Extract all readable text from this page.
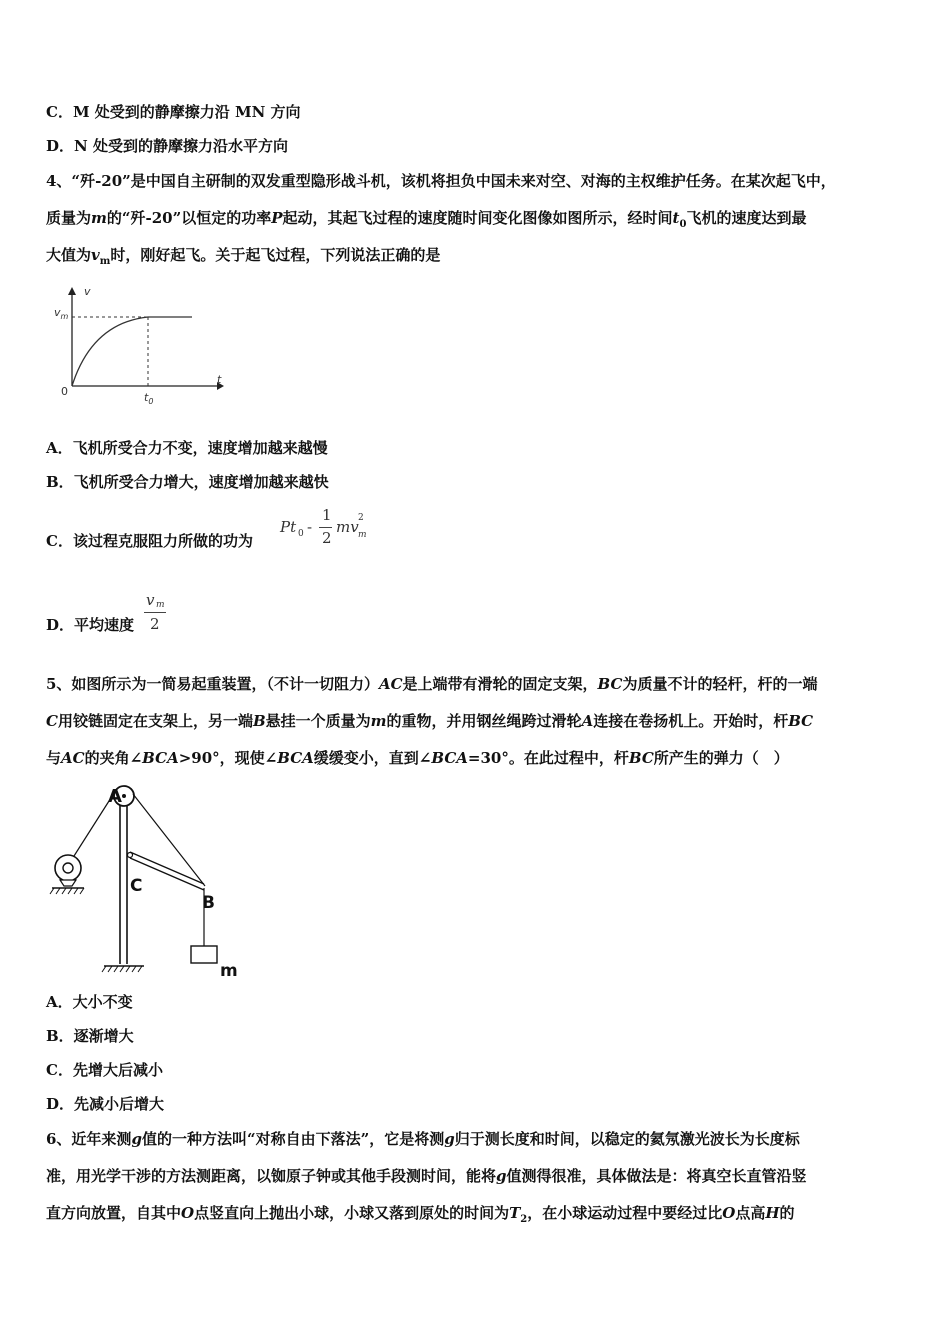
C．M 处受到的静摩擦力沿 MN 方向
D．N 处受到的静摩擦力沿水平方向
4、“歼-20”是中国自主研制的双发重型隐形战斗机，该机将担负中国未来对空、对海的主权维护任务。在某次起飞中，
质量为m的“歼-20”以恒定的功率P起动，其起飞过程的速度随时间变化图像如图所示，经时间$t_0$飞机的速度达到最
大值为$v_m$时，刚好起飞。关于起飞过程，下列说法正确的是
v
t
0
$v_m$
$t_0$
A．飞机所受合力不变，速度增加越来越慢
B．飞机所受合力增大，速度增加越来越快
C．该过程克服阻力所做的功为
Pt 0 -
1
2
mv 2
m
D．平均速度
v m
2
5、如图所示为一简易起重装置，（不计一切阻力）AC是上端带有滑轮的固定支架，BC为质量不计的轻杆，杆的一端
C用铰链固定在支架上，另一端B悬挂一个质量为m的重物，并用钢丝绳跨过滑轮A连接在卷扬机上。开始时，杆BC
与AC的夹角∠BCA>90°，现使∠BCA缓缓变小，直到∠BCA=30°。在此过程中，杆BC所产生的弹力（　）
A
C
B
m
A．大小不变
B．逐渐增大
C．先增大后减小
D．先减小后增大
6、近年来测g值的一种方法叫“对称自由下落法”，它是将测g归于测长度和时间，以稳定的氦氖激光波长为长度标
准，用光学干涉的方法测距离，以铷原子钟或其他手段测时间，能将g值测得很准，具体做法是：将真空长直管沿竖
直方向放置，自其中O点竖直向上抛出小球，小球又落到原处的时间为$T_2$，在小球运动过程中要经过比O点高H的
